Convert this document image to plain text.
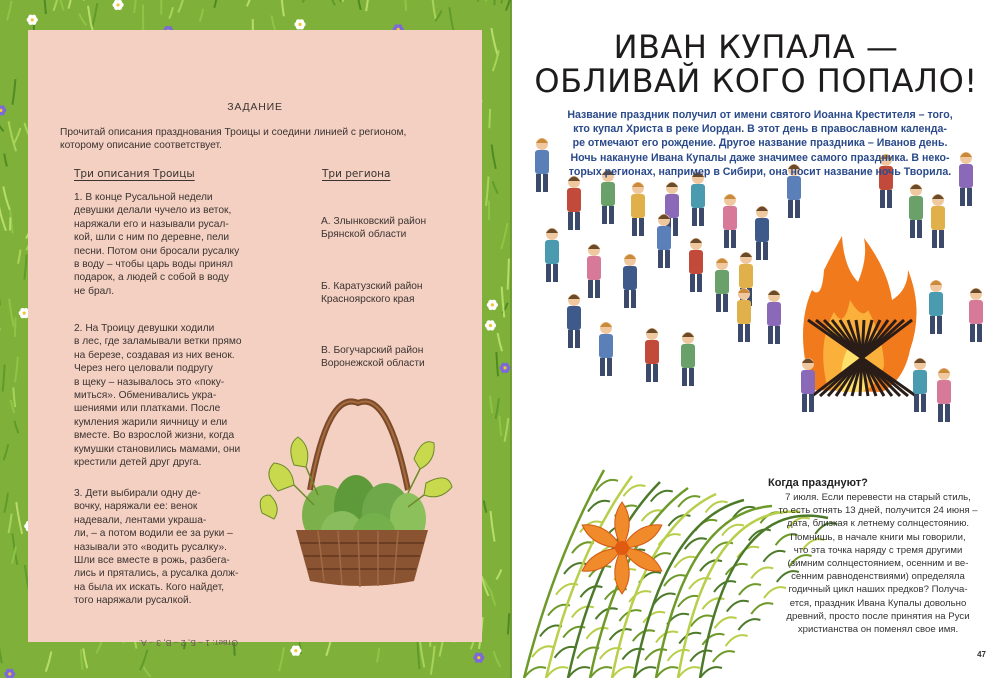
ЗАДАНИЕ
Прочитай описания празднования Троицы и соедини линией с регионом, которому описание соответствует.
Три описания Троицы	Три региона
1. В конце Русальной недели
девушки делали чучело из веток,
наряжали его и называли русал-
кой, шли с ним по деревне, пели
песни. Потом они бросали русалку
в воду – чтобы царь воды принял
подарок, а людей с собой в воду
не брал.
2. На Троицу девушки ходили
в лес, где заламывали ветки прямо
на березе, создавая из них венок.
Через него целовали подругу
в щеку – называлось это «поку-
миться». Обменивались укра-
шениями или платками. После
кумления жарили яичницу и ели
вместе. Во взрослой жизни, когда
кумушки становились мамами, они
крестили детей друг друга.
3. Дети выбирали одну де-
вочку, наряжали ее: венок
надевали, лентами украша-
ли, – а потом водили ее за руки –
называли это «водить русалку».
Шли все вместе в рожь, разбега-
лись и прятались, а русалка долж-
на была их искать. Кого найдет,
того наряжали русалкой.
А. Злынковский район
Брянской области
Б. Каратузский район
Красноярского края
В. Богучарский район
Воронежской области
Ответ: 1 – Б, 2 – В, 3 – А.
ИВАН КУПАЛА —
ОБЛИВАЙ КОГО ПОПАЛО!
Название праздник получил от имени святого Иоанна Крестителя – того,
кто купал Христа в реке Иордан. В этот день в православном календа-
ре отмечают его рождение. Другое название праздника – Иванов день.
Ночь накануне Ивана Купалы даже значимее самого праздника. В неко-
торых регионах, например в Сибири, она носит название ночь Творила.
Когда празднуют?
7 июля. Если перевести на старый стиль,
то есть отнять 13 дней, получится 24 июня –
дата, близкая к летнему солнцестоянию.
Помнишь, в начале книги мы говорили,
что эта точка наряду с тремя другими
(зимним солнцестоянием, осенним и ве-
сенним равноденствиями) определяла
годичный цикл наших предков? Получа-
ется, праздник Ивана Купалы довольно
древний, просто после принятия на Руси
христианства он поменял свое имя.
47
